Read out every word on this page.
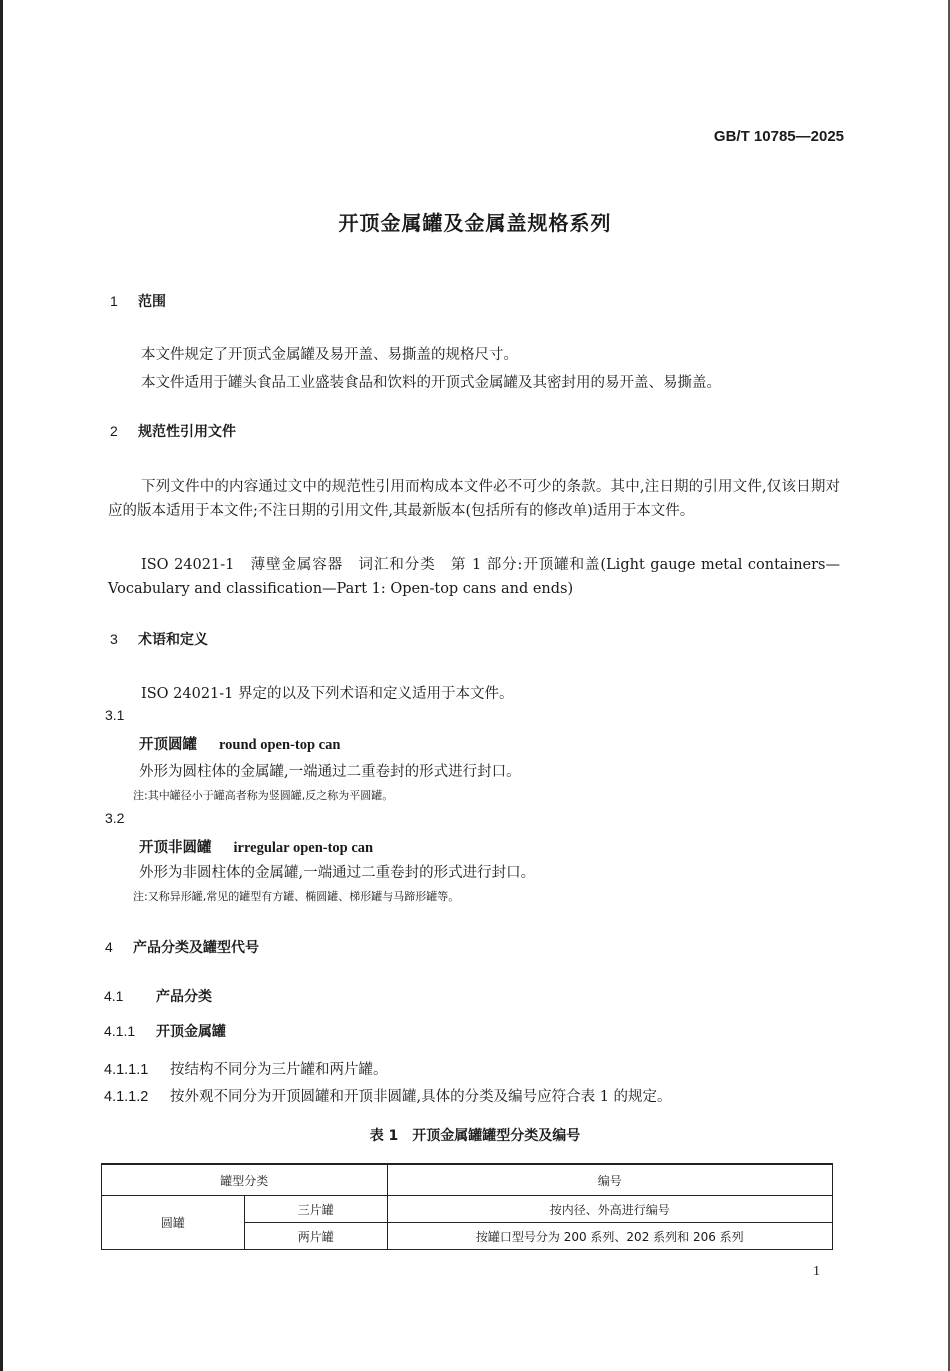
GB/T 10785—2025
开顶金属罐及金属盖规格系列
1 范围
本文件规定了开顶式金属罐及易开盖、易撕盖的规格尺寸。
本文件适用于罐头食品工业盛装食品和饮料的开顶式金属罐及其密封用的易开盖、易撕盖。
2 规范性引用文件
下列文件中的内容通过文中的规范性引用而构成本文件必不可少的条款。其中,注日期的引用文件,仅该日期对应的版本适用于本文件;不注日期的引用文件,其最新版本(包括所有的修改单)适用于本文件。
ISO 24021-1　薄壁金属容器　词汇和分类　第 1 部分:开顶罐和盖(Light gauge metal containers—Vocabulary and classification—Part 1: Open-top cans and ends)
3 术语和定义
ISO 24021-1 界定的以及下列术语和定义适用于本文件。
3.1
开顶圆罐 round open-top can
外形为圆柱体的金属罐,一端通过二重卷封的形式进行封口。
注:其中罐径小于罐高者称为竖圆罐,反之称为平圆罐。
3.2
开顶非圆罐 irregular open-top can
外形为非圆柱体的金属罐,一端通过二重卷封的形式进行封口。
注:又称异形罐,常见的罐型有方罐、椭圆罐、梯形罐与马蹄形罐等。
4 产品分类及罐型代号
4.1 产品分类
4.1.1 开顶金属罐
4.1.1.1 按结构不同分为三片罐和两片罐。
4.1.1.2 按外观不同分为开顶圆罐和开顶非圆罐,具体的分类及编号应符合表 1 的规定。
表 1　开顶金属罐罐型分类及编号
罐型分类		编号
圆罐	三片罐	按内径、外高进行编号
	两片罐	按罐口型号分为 200 系列、202 系列和 206 系列
1
